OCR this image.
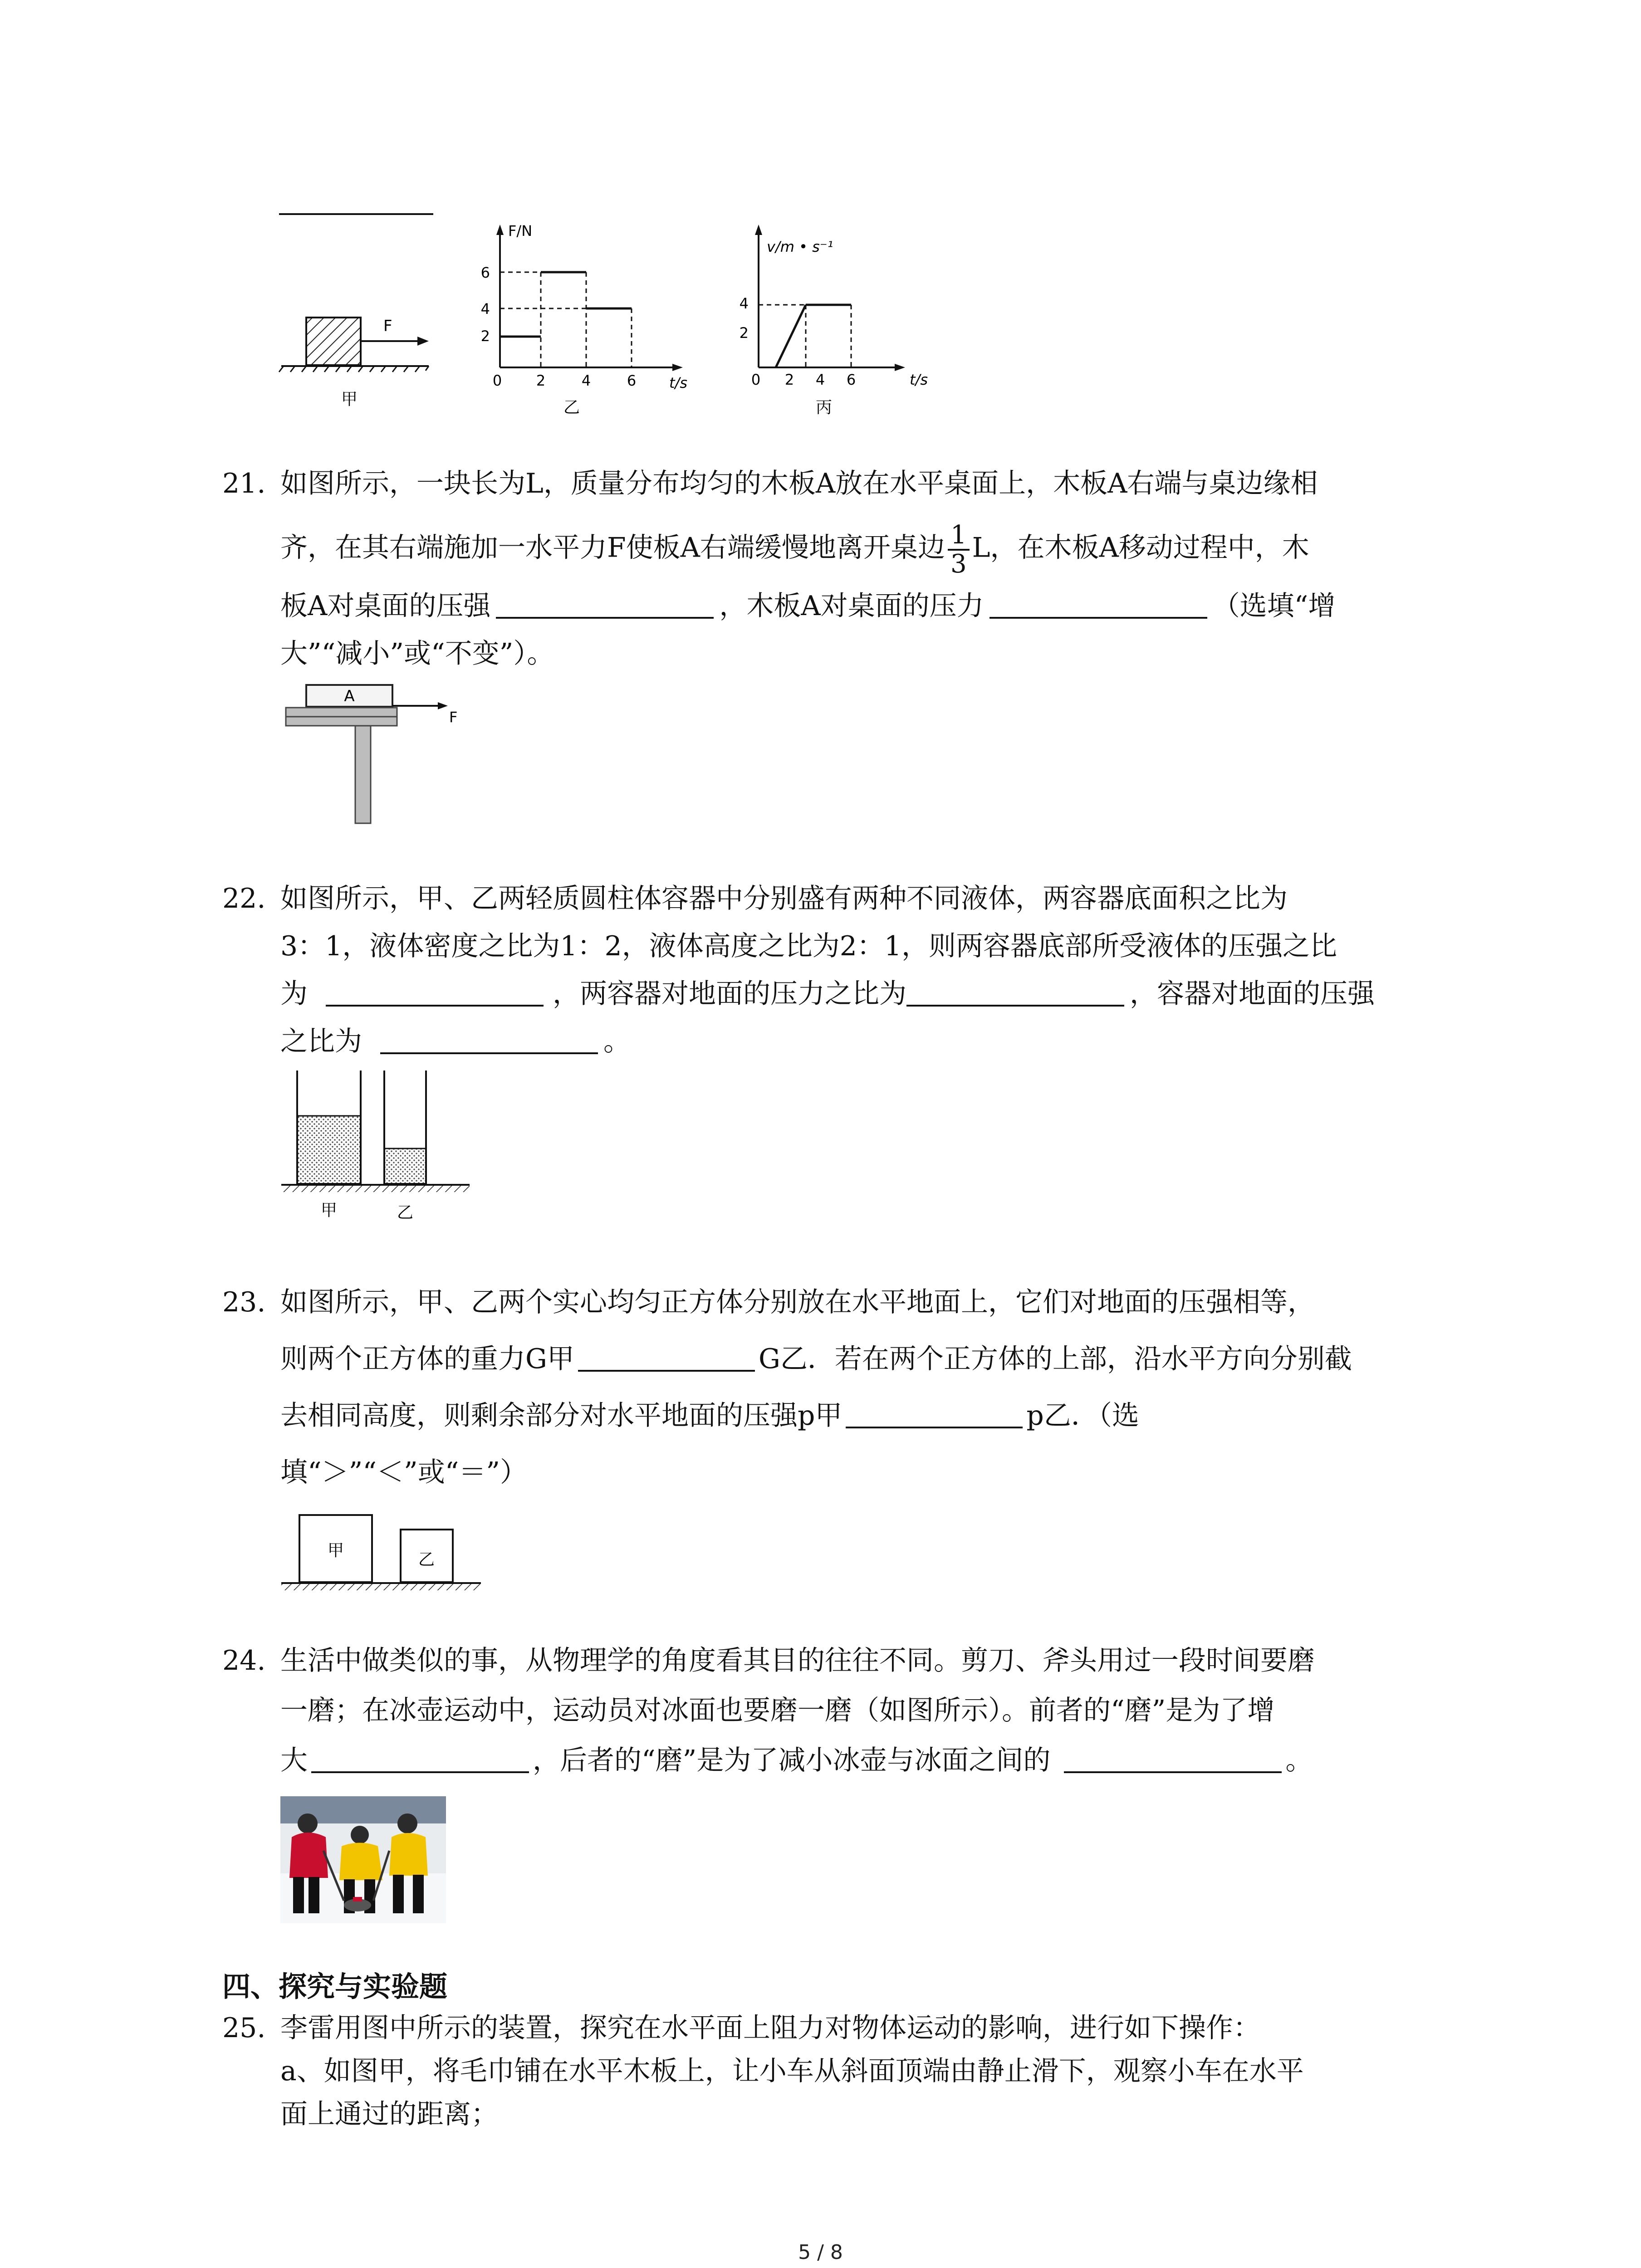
F
甲
F/N
t/s
2
4
6
0 2 4 6
乙
v/m • s⁻¹
t/s
2
4
0 2 4 6
丙
21. 如图所示，一块长为L，质量分布均匀的木板A放在水平桌面上，木板A右端与桌边缘相
齐，在其右端施加一水平力F使板A右端缓慢地离开桌边 $\frac{1}{3}$ L，在木板A移动过程中，木
板A对桌面的压强	，木板A对桌面的压力	（选填“增
大”“减小”或“不变”）。
A
F
22. 如图所示，甲、乙两轻质圆柱体容器中分别盛有两种不同液体，两容器底面积之比为
3：1，液体密度之比为1：2，液体高度之比为2：1，则两容器底部所受液体的压强之比
为	，两容器对地面的压力之比为	，容器对地面的压强
之比为	。
甲	乙
23. 如图所示，甲、乙两个实心均匀正方体分别放在水平地面上，它们对地面的压强相等，
则两个正方体的重力G甲	G乙．若在两个正方体的上部，沿水平方向分别截
去相同高度，则剩余部分对水平地面的压强p甲	p乙．（选
填“＞”“＜”或“＝”）
甲	乙
24. 生活中做类似的事，从物理学的角度看其目的往往不同。剪刀、斧头用过一段时间要磨
一磨；在冰壶运动中，运动员对冰面也要磨一磨（如图所示）。前者的“磨”是为了增
大	，后者的“磨”是为了减小冰壶与冰面之间的	。
四、探究与实验题
25. 李雷用图中所示的装置，探究在水平面上阻力对物体运动的影响，进行如下操作：
a、如图甲，将毛巾铺在水平木板上，让小车从斜面顶端由静止滑下，观察小车在水平
面上通过的距离；
5 / 8
